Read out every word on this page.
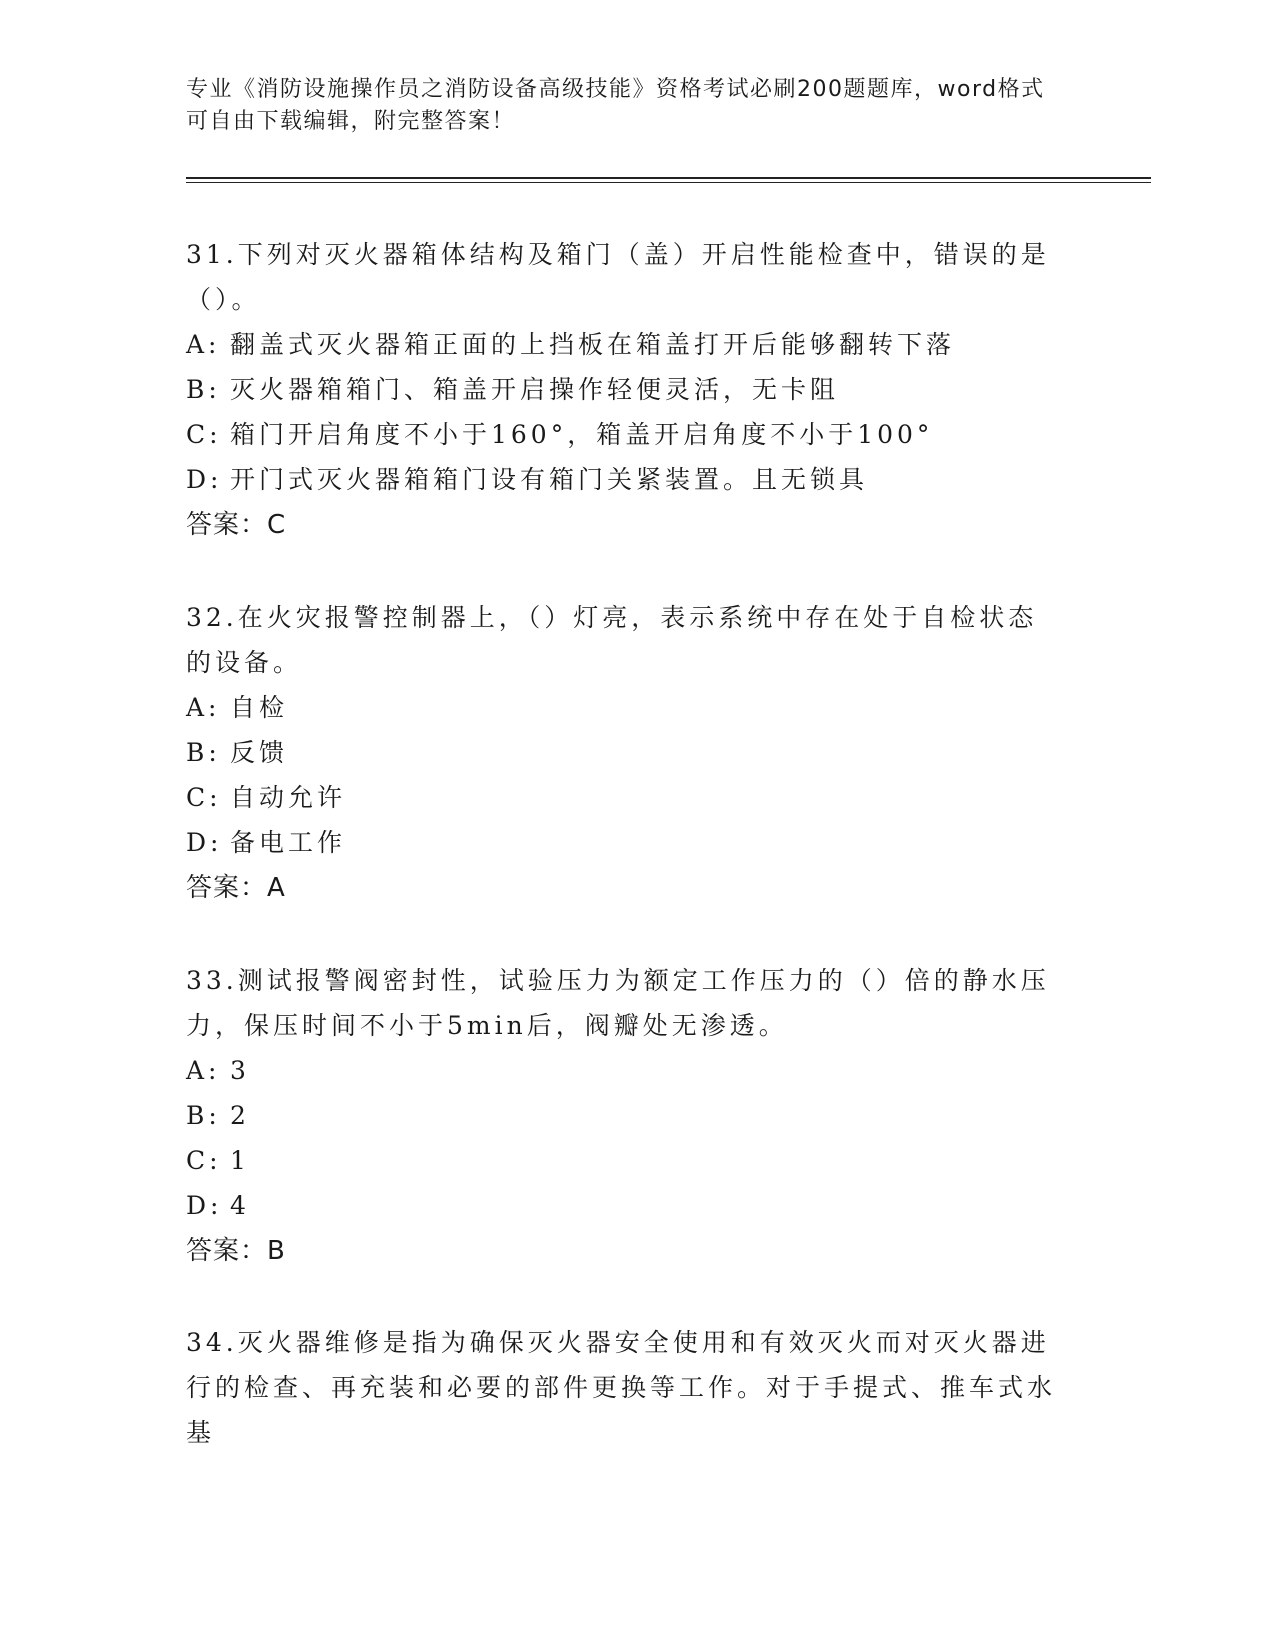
专业《消防设施操作员之消防设备高级技能》资格考试必刷200题题库，word格式可自由下载编辑，附完整答案！

31.下列对灭火器箱体结构及箱门（盖）开启性能检查中，错误的是（）。

A: 翻盖式灭火器箱正面的上挡板在箱盖打开后能够翻转下落

B: 灭火器箱箱门、箱盖开启操作轻便灵活，无卡阻

C: 箱门开启角度不小于160°，箱盖开启角度不小于100°

D: 开门式灭火器箱箱门设有箱门关紧装置。且无锁具

答案：C

32.在火灾报警控制器上，（）灯亮，表示系统中存在处于自检状态的设备。

A: 自检

B: 反馈

C: 自动允许

D: 备电工作

答案：A

33.测试报警阀密封性，试验压力为额定工作压力的（）倍的静水压力，保压时间不小于5min后，阀瓣处无渗透。

A: 3

B: 2

C: 1

D: 4

答案：B

34.灭火器维修是指为确保灭火器安全使用和有效灭火而对灭火器进行的检查、再充装和必要的部件更换等工作。对于手提式、推车式水基
